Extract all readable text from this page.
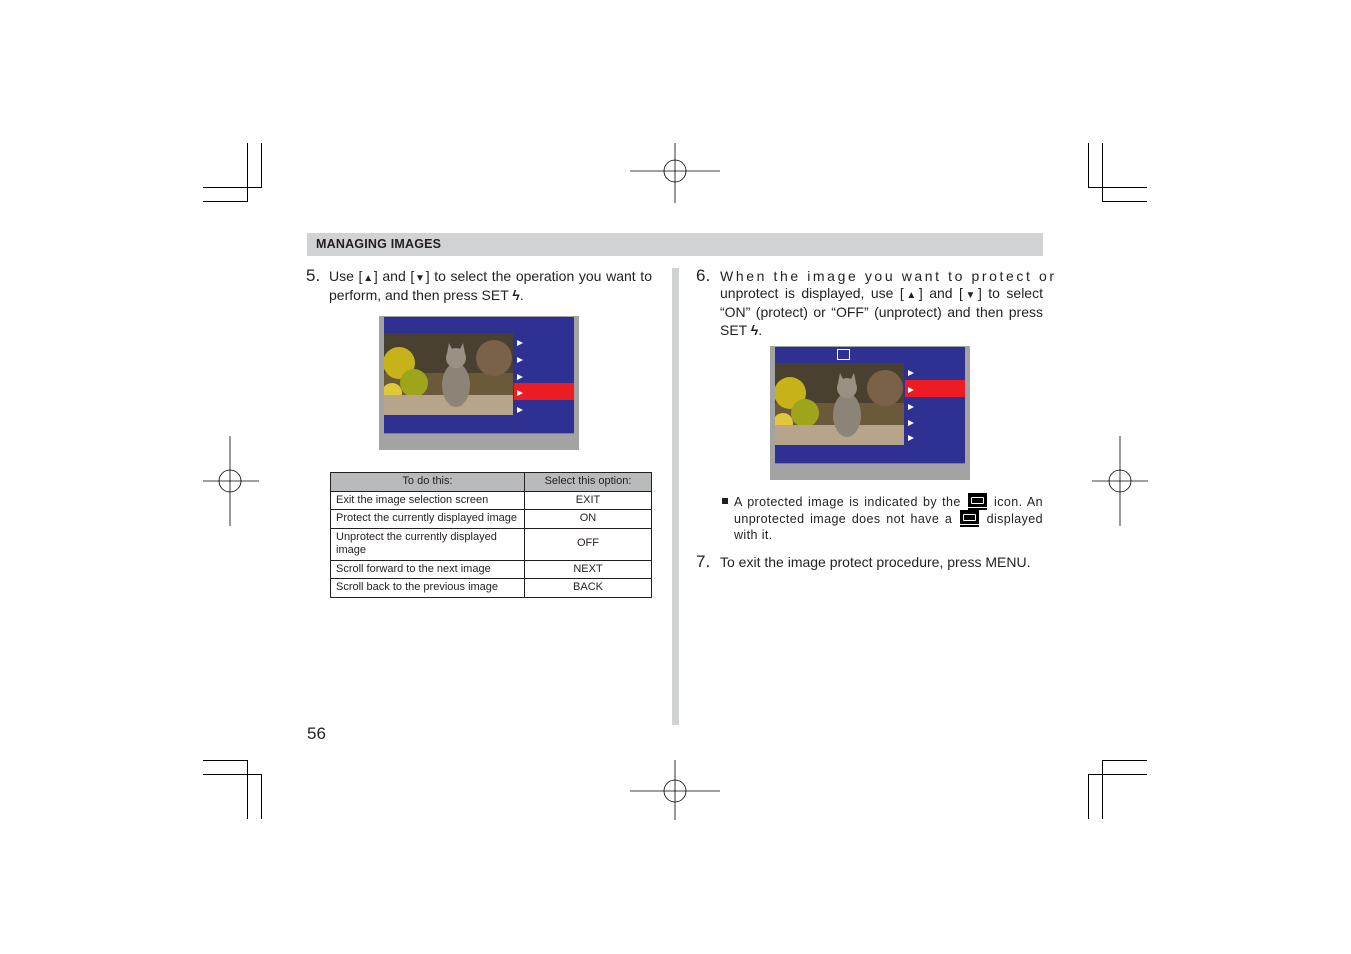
MANAGING IMAGES
5. Use [▲] and [▼] to select the operation you want to perform, and then press SET ϟ.
To do this:	Select this option:
Exit the image selection screen	EXIT
Protect the currently displayed image	ON
Unprotect the currently displayed image	OFF
Scroll forward to the next image	NEXT
Scroll back to the previous image	BACK
6. When the image you want to protect or
unprotect is displayed, use [▲] and [▼] to select “ON” (protect) or “OFF” (unprotect) and then press SET ϟ.
A protected image is indicated by the  icon. An unprotected image does not have a  displayed with it.
7. To exit the image protect procedure, press MENU.
56
